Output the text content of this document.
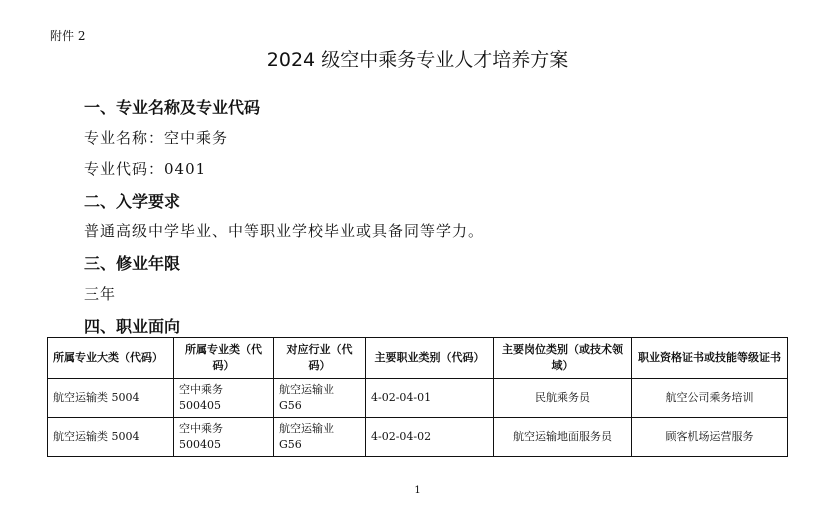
附件 2
2024 级空中乘务专业人才培养方案
一、专业名称及专业代码
专业名称：空中乘务
专业代码：0401
二、入学要求
普通高级中学毕业、中等职业学校毕业或具备同等学力。
三、修业年限
三年
四、职业面向
所属专业大类（代码）	所属专业类（代码）	对应行业（代码）	主要职业类别（代码）	主要岗位类别（或技术领域）	职业资格证书或技能等级证书
航空运输类 5004	空中乘务 500405	航空运输业 G56	4-02-04-01	民航乘务员	航空公司乘务培训
航空运输类 5004	空中乘务 500405	航空运输业 G56	4-02-04-02	航空运输地面服务员	顾客机场运营服务
1
